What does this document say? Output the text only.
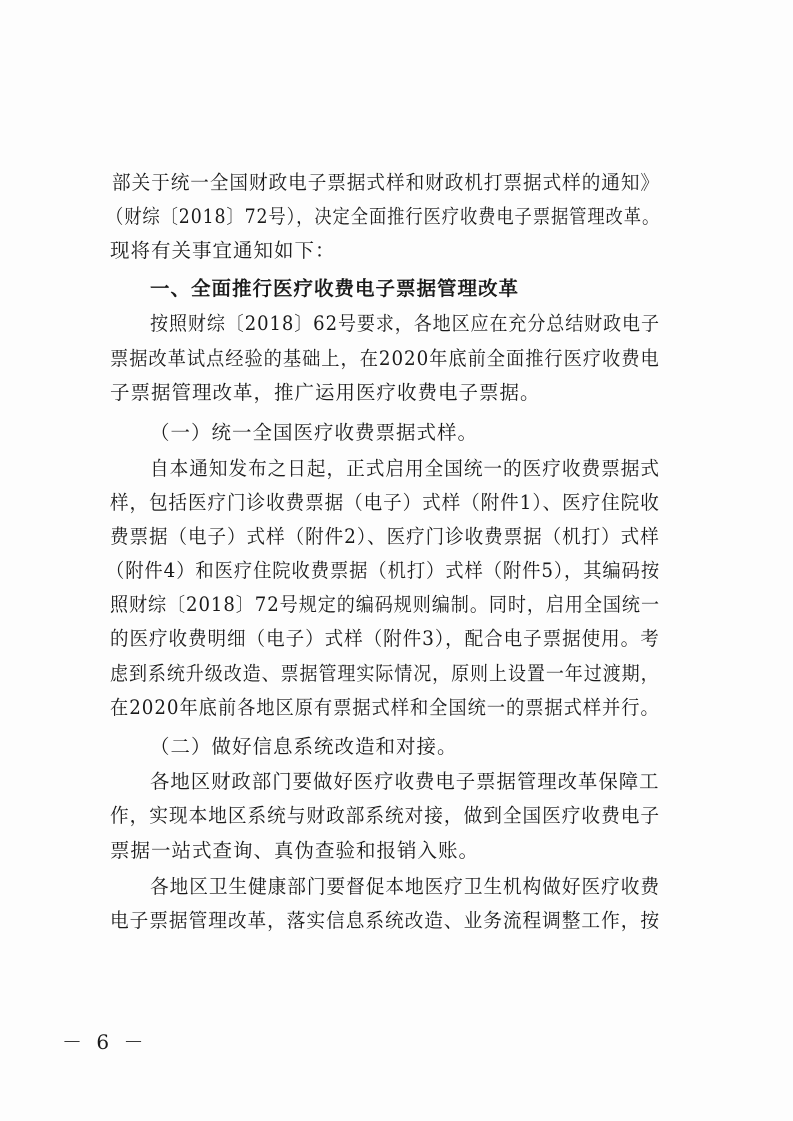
部关于统一全国财政电子票据式样和财政机打票据式样的通知》
（财综〔2018〕72号），决定全面推行医疗收费电子票据管理改革。
现将有关事宜通知如下：
一、全面推行医疗收费电子票据管理改革
按照财综〔2018〕62号要求，各地区应在充分总结财政电子
票据改革试点经验的基础上，在2020年底前全面推行医疗收费电
子票据管理改革，推广运用医疗收费电子票据。
（一）统一全国医疗收费票据式样。
自本通知发布之日起，正式启用全国统一的医疗收费票据式
样，包括医疗门诊收费票据（电子）式样（附件1）、医疗住院收
费票据（电子）式样（附件2）、医疗门诊收费票据（机打）式样
（附件4）和医疗住院收费票据（机打）式样（附件5），其编码按
照财综〔2018〕72号规定的编码规则编制。同时，启用全国统一
的医疗收费明细（电子）式样（附件3），配合电子票据使用。考
虑到系统升级改造、票据管理实际情况，原则上设置一年过渡期，
在2020年底前各地区原有票据式样和全国统一的票据式样并行。
（二）做好信息系统改造和对接。
各地区财政部门要做好医疗收费电子票据管理改革保障工
作，实现本地区系统与财政部系统对接，做到全国医疗收费电子
票据一站式查询、真伪查验和报销入账。
各地区卫生健康部门要督促本地医疗卫生机构做好医疗收费
电子票据管理改革，落实信息系统改造、业务流程调整工作，按
－ 6 －
